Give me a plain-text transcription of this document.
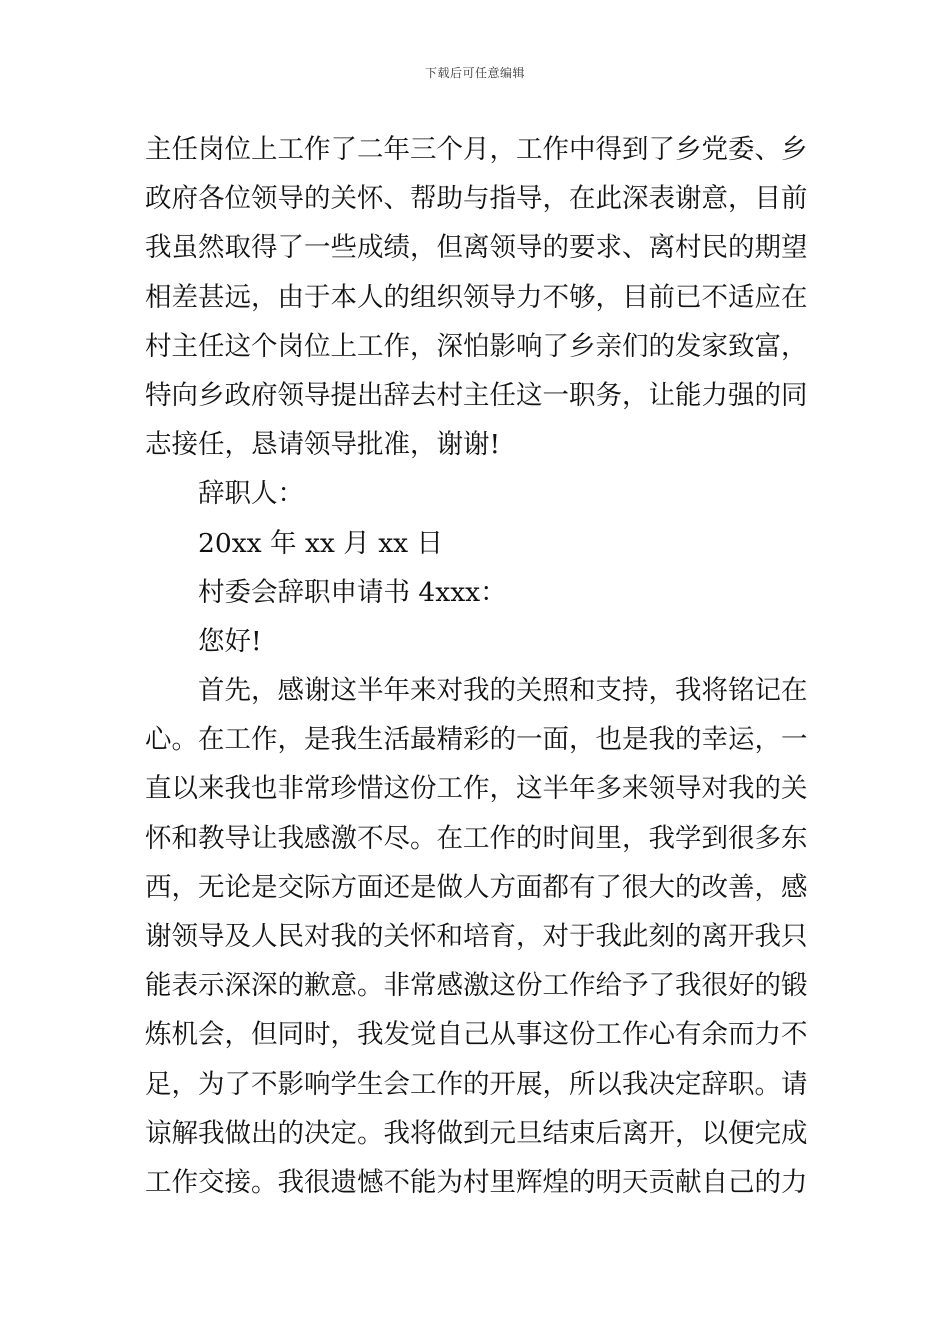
下载后可任意编辑
主任岗位上工作了二年三个月，工作中得到了乡党委、乡
政府各位领导的关怀、帮助与指导，在此深表谢意，目前
我虽然取得了一些成绩，但离领导的要求、离村民的期望
相差甚远，由于本人的组织领导力不够，目前已不适应在
村主任这个岗位上工作，深怕影响了乡亲们的发家致富，
特向乡政府领导提出辞去村主任这一职务，让能力强的同
志接任，恳请领导批准，谢谢!
辞职人：
20xx 年 xx 月 xx 日
村委会辞职申请书 4xxx：
您好!
首先，感谢这半年来对我的关照和支持，我将铭记在
心。在工作，是我生活最精彩的一面，也是我的幸运，一
直以来我也非常珍惜这份工作，这半年多来领导对我的关
怀和教导让我感激不尽。在工作的时间里，我学到很多东
西，无论是交际方面还是做人方面都有了很大的改善，感
谢领导及人民对我的关怀和培育，对于我此刻的离开我只
能表示深深的歉意。非常感激这份工作给予了我很好的锻
炼机会，但同时，我发觉自己从事这份工作心有余而力不
足，为了不影响学生会工作的开展，所以我决定辞职。请
谅解我做出的决定。我将做到元旦结束后离开，以便完成
工作交接。我很遗憾不能为村里辉煌的明天贡献自己的力
